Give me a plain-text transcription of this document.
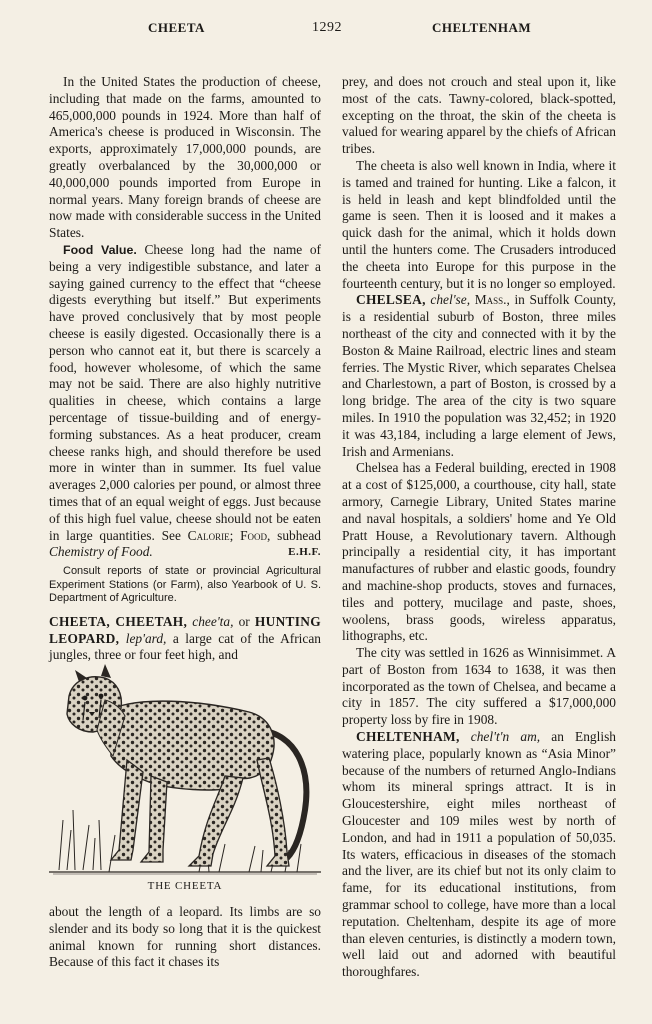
CHEETA	1292	CHELTENHAM

In the United States the production of cheese, including that made on the farms, amounted to 465,000,000 pounds in 1924. More than half of America's cheese is produced in Wisconsin. The exports, approximately 17,000,000 pounds, are greatly overbalanced by the 30,000,000 or 40,000,000 pounds imported from Europe in normal years. Many foreign brands of cheese are now made with considerable success in the United States.

Food Value. Cheese long had the name of being a very indigestible substance, and later a saying gained currency to the effect that “cheese digests everything but itself.” But experiments have proved conclusively that by most people cheese is easily digested. Occasionally there is a person who cannot eat it, but there is scarcely a food, however wholesome, of which the same may not be said. There are also highly nutritive qualities in cheese, which contains a large percentage of tissue-building and of energy-forming substances. As a heat producer, cream cheese ranks high, and should therefore be used more in winter than in summer. Its fuel value averages 2,000 calories per pound, or almost three times that of an equal weight of eggs. Just because of this high fuel value, cheese should not be eaten in large quantities. See Calorie; Food, subhead Chemistry of Food.	E.H.F.

Consult reports of state or provincial Agricultural Experiment Stations (or Farm), also Yearbook of U. S. Department of Agriculture.

CHEETA, CHEETAH, chee'ta, or HUNTING LEOPARD, lep'ard, a large cat of the African jungles, three or four feet high, and

THE CHEETA

about the length of a leopard. Its limbs are so slender and its body so long that it is the quickest animal known for running short distances. Because of this fact it chases its

prey, and does not crouch and steal upon it, like most of the cats. Tawny-colored, black-spotted, excepting on the throat, the skin of the cheeta is valued for wearing apparel by the chiefs of African tribes.

The cheeta is also well known in India, where it is tamed and trained for hunting. Like a falcon, it is held in leash and kept blindfolded until the game is seen. Then it is loosed and it makes a quick dash for the animal, which it holds down until the hunters come. The Crusaders introduced the cheeta into Europe for this purpose in the fourteenth century, but it is no longer so employed.

CHELSEA, chel'se, Mass., in Suffolk County, is a residential suburb of Boston, three miles northeast of the city and connected with it by the Boston & Maine Railroad, electric lines and steam ferries. The Mystic River, which separates Chelsea and Charlestown, a part of Boston, is crossed by a long bridge. The area of the city is two square miles. In 1910 the population was 32,452; in 1920 it was 43,184, including a large element of Jews, Irish and Armenians.

Chelsea has a Federal building, erected in 1908 at a cost of $125,000, a courthouse, city hall, state armory, Carnegie Library, United States marine and naval hospitals, a soldiers' home and Ye Old Pratt House, a Revolutionary tavern. Although principally a residential city, it has important manufactures of rubber and elastic goods, foundry and machine-shop products, stoves and furnaces, tiles and pottery, mucilage and paste, shoes, woolens, brass goods, wireless apparatus, lithographs, etc.

The city was settled in 1626 as Winnisimmet. A part of Boston from 1634 to 1638, it was then incorporated as the town of Chelsea, and became a city in 1857. The city suffered a $17,000,000 property loss by fire in 1908.

CHELTENHAM, chel't'n am, an English watering place, popularly known as “Asia Minor” because of the numbers of returned Anglo-Indians whom its mineral springs attract. It is in Gloucestershire, eight miles northeast of Gloucester and 109 miles west by north of London, and had in 1911 a population of 50,035. Its waters, efficacious in diseases of the stomach and the liver, are its chief but not its only claim to fame, for its educational institutions, from grammar school to college, have more than a local reputation. Cheltenham, despite its age of more than eleven centuries, is distinctly a modern town, well laid out and adorned with beautiful thoroughfares.
